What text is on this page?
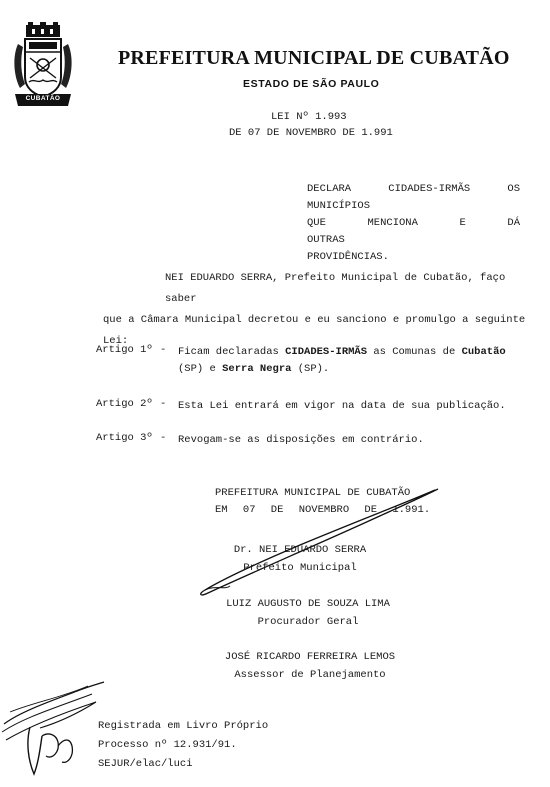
CUBATÃO
PREFEITURA MUNICIPAL DE CUBATÃO
ESTADO DE SÃO PAULO
LEI Nº 1.993
DE 07 DE NOVEMBRO DE 1.991
DECLARA CIDADES-IRMÃS OS MUNICÍPIOS
QUE MENCIONA E DÁ OUTRAS
PROVIDÊNCIAS.
NEI EDUARDO SERRA, Prefeito Municipal de Cubatão, faço saber
que a Câmara Municipal decretou e eu sanciono e promulgo a seguinte Lei:
Artigo 1º - Ficam declaradas CIDADES-IRMÃS as Comunas de Cubatão
(SP) e Serra Negra (SP).
Artigo 2º - Esta Lei entrará em vigor na data de sua publicação.
Artigo 3º - Revogam-se as disposições em contrário.
PREFEITURA MUNICIPAL DE CUBATÃO
EM 07 DE NOVEMBRO DE 1.991.
Dr. NEI EDUARDO SERRA
Prefeito Municipal
LUIZ AUGUSTO DE SOUZA LIMA
Procurador Geral
JOSÉ RICARDO FERREIRA LEMOS
Assessor de Planejamento
Registrada em Livro Próprio
Processo nº 12.931/91.
SEJUR/elac/luci
